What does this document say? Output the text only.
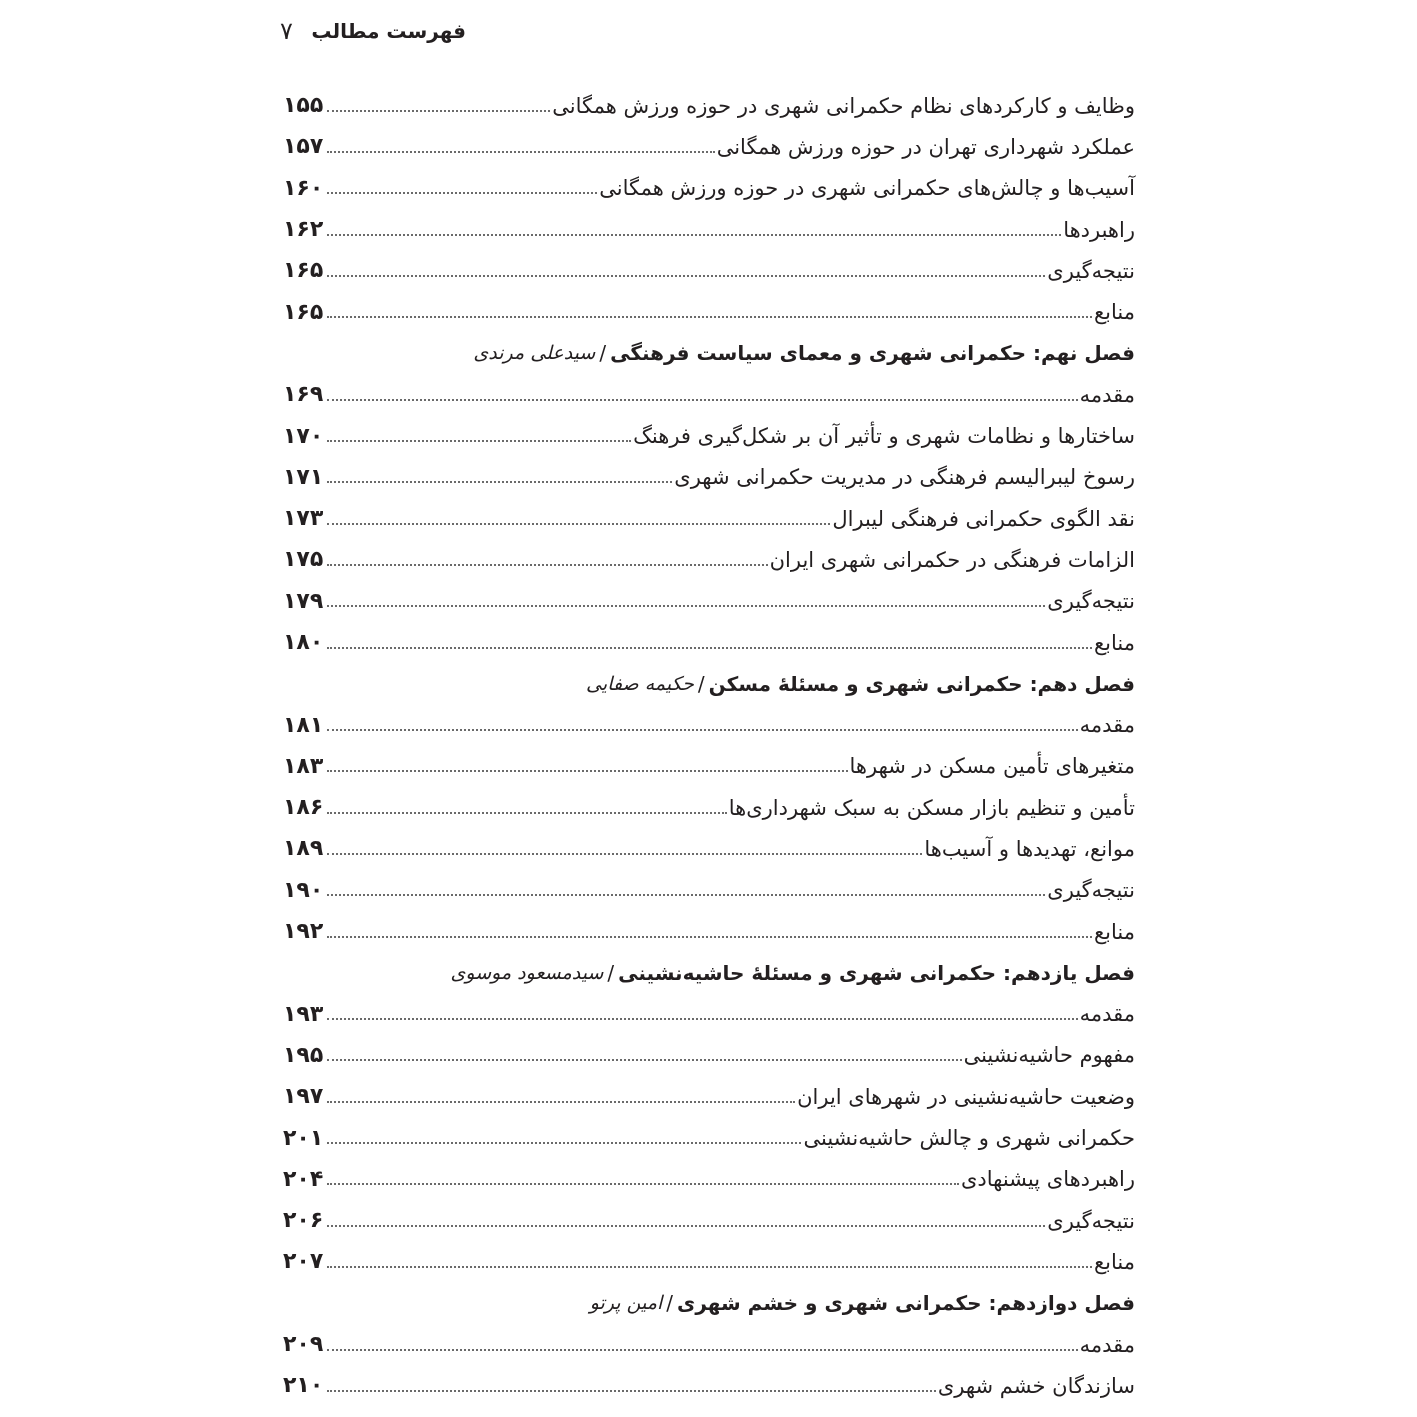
۷ فهرست مطالب
وظایف و کارکردهای نظام حکمرانی شهری در حوزه ورزش همگانی
۱۵۵
عملکرد شهرداری تهران در حوزه ورزش همگانی
۱۵۷
آسیب‌ها و چالش‌های حکمرانی شهری در حوزه ورزش همگانی
۱۶۰
راهبردها
۱۶۲
نتیجه‌گیری
۱۶۵
منابع
۱۶۵
فصل نهم: حکمرانی شهری و معمای سیاست فرهنگی
/
سیدعلی مرندی
مقدمه
۱۶۹
ساختارها و نظامات شهری و تأثیر آن بر شکل‌گیری فرهنگ
۱۷۰
رسوخ لیبرالیسم فرهنگی در مدیریت حکمرانی شهری
۱۷۱
نقد الگوی حکمرانی فرهنگی لیبرال
۱۷۳
الزامات فرهنگی در حکمرانی شهری ایران
۱۷۵
نتیجه‌گیری
۱۷۹
منابع
۱۸۰
فصل دهم: حکمرانی شهری و مسئلهٔ مسکن
/
حکیمه صفایی
مقدمه
۱۸۱
متغیرهای تأمین مسکن در شهرها
۱۸۳
تأمین و تنظیم بازار مسکن به سبک شهرداری‌ها
۱۸۶
موانع، تهدیدها و آسیب‌ها
۱۸۹
نتیجه‌گیری
۱۹۰
منابع
۱۹۲
فصل یازدهم: حکمرانی شهری و مسئلهٔ حاشیه‌نشینی
/
سیدمسعود موسوی
مقدمه
۱۹۳
مفهوم حاشیه‌نشینی
۱۹۵
وضعیت حاشیه‌نشینی در شهرهای ایران
۱۹۷
حکمرانی شهری و چالش حاشیه‌نشینی
۲۰۱
راهبردهای پیشنهادی
۲۰۴
نتیجه‌گیری
۲۰۶
منابع
۲۰۷
فصل دوازدهم: حکمرانی شهری و خشم شهری
/
امین پرتو
مقدمه
۲۰۹
سازندگان خشم شهری
۲۱۰
